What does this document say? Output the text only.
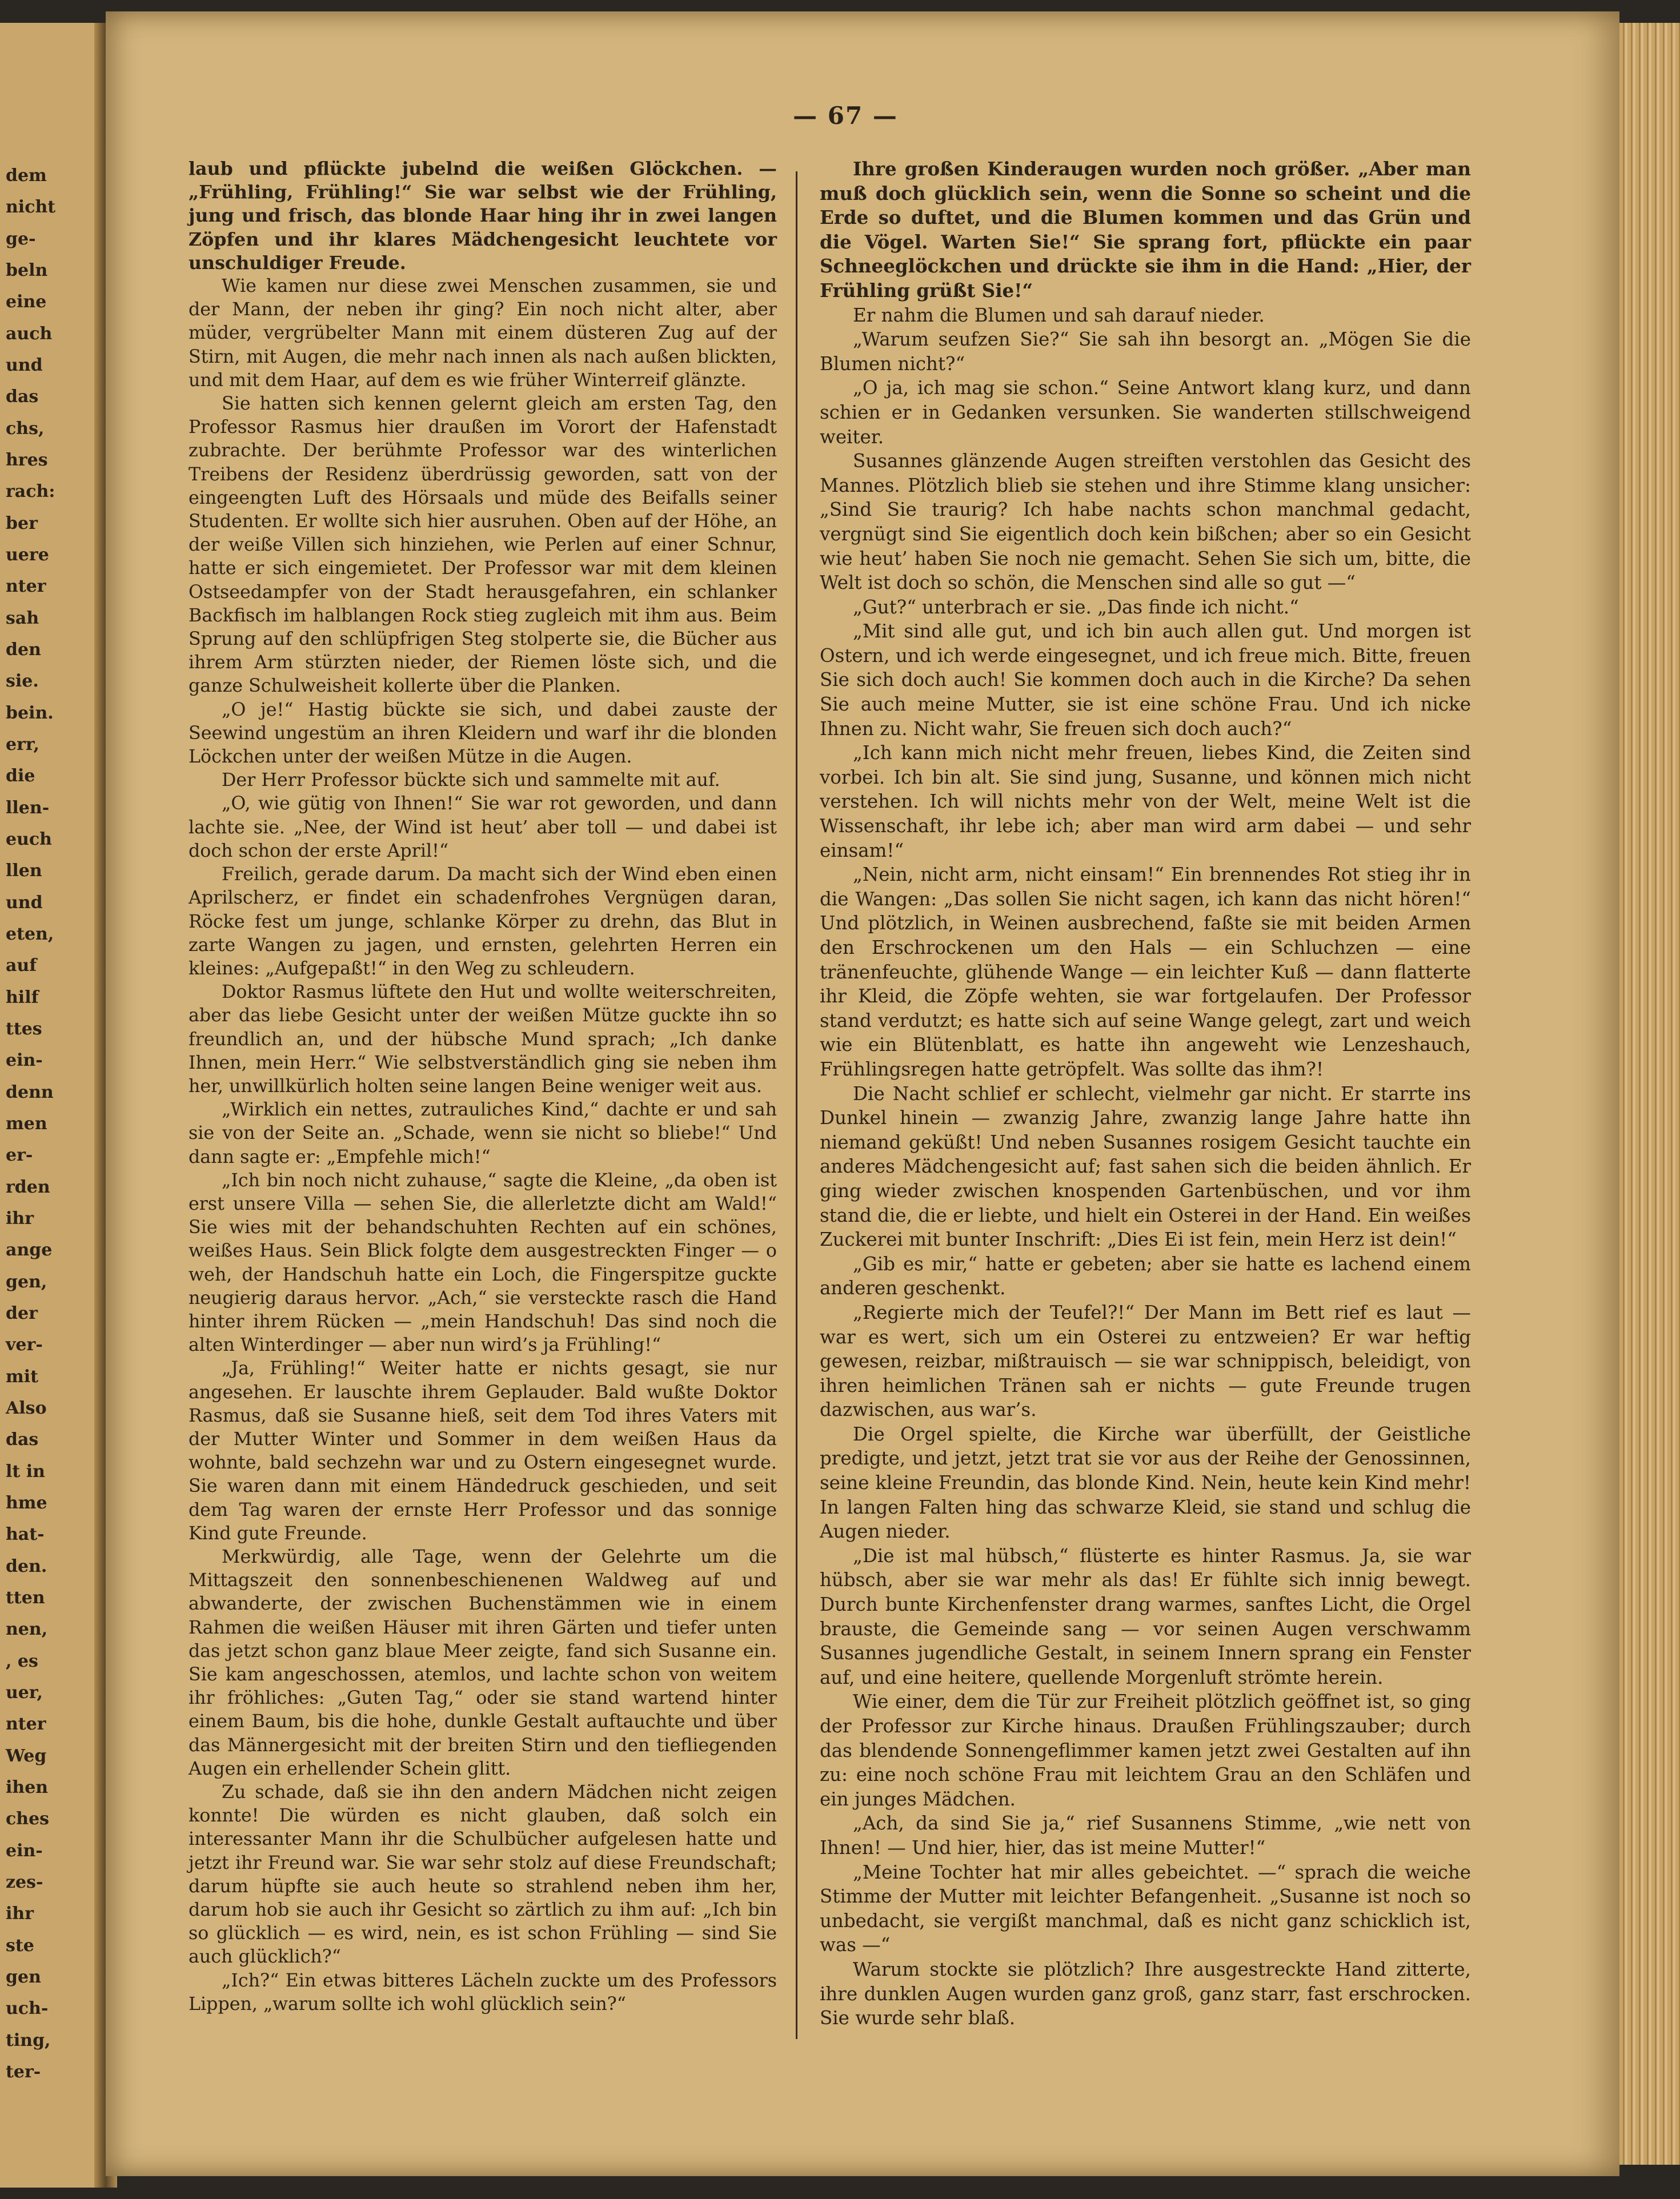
dem
nicht
ge-
beln
eine
auch
und
das
chs,
hres
rach:
ber
uere
nter
sah
den
sie.
bein.
err,
die
llen-
euch
llen
und
eten,
auf
hilf
ttes
ein-
denn
men
er-
rden
ihr
ange
gen,
der
ver-
mit
Also
das
lt in
hme
hat-
den.
tten
nen,
, es
uer,
nter
Weg
ihen
ches
ein-
zes-
ihr
ste
gen
uch-
ting,
ter-
— 67 —

laub und pflückte jubelnd die weißen Glöckchen. — „Frühling, Frühling!“ Sie war selbst wie der Frühling, jung und frisch, das blonde Haar hing ihr in zwei langen Zöpfen und ihr klares Mädchengesicht leuchtete vor unschuldiger Freude.

Wie kamen nur diese zwei Menschen zusammen, sie und der Mann, der neben ihr ging? Ein noch nicht alter, aber müder, vergrübelter Mann mit einem düsteren Zug auf der Stirn, mit Augen, die mehr nach innen als nach außen blickten, und mit dem Haar, auf dem es wie früher Winterreif glänzte.

Sie hatten sich kennen gelernt gleich am ersten Tag, den Professor Rasmus hier draußen im Vorort der Hafenstadt zubrachte. Der berühmte Professor war des winterlichen Treibens der Residenz überdrüssig geworden, satt von der eingeengten Luft des Hörsaals und müde des Beifalls seiner Studenten. Er wollte sich hier ausruhen. Oben auf der Höhe, an der weiße Villen sich hinziehen, wie Perlen auf einer Schnur, hatte er sich eingemietet. Der Professor war mit dem kleinen Ostseedampfer von der Stadt herausgefahren, ein schlanker Backfisch im halblangen Rock stieg zugleich mit ihm aus. Beim Sprung auf den schlüpfrigen Steg stolperte sie, die Bücher aus ihrem Arm stürzten nieder, der Riemen löste sich, und die ganze Schulweisheit kollerte über die Planken.

„O je!“ Hastig bückte sie sich, und dabei zauste der Seewind ungestüm an ihren Kleidern und warf ihr die blonden Löckchen unter der weißen Mütze in die Augen.

Der Herr Professor bückte sich und sammelte mit auf.

„O, wie gütig von Ihnen!“ Sie war rot geworden, und dann lachte sie. „Nee, der Wind ist heut’ aber toll — und dabei ist doch schon der erste April!“

Freilich, gerade darum. Da macht sich der Wind eben einen Aprilscherz, er findet ein schadenfrohes Vergnügen daran, Röcke fest um junge, schlanke Körper zu drehn, das Blut in zarte Wangen zu jagen, und ernsten, gelehrten Herren ein kleines: „Aufgepaßt!“ in den Weg zu schleudern.

Doktor Rasmus lüftete den Hut und wollte weiterschreiten, aber das liebe Gesicht unter der weißen Mütze guckte ihn so freundlich an, und der hübsche Mund sprach; „Ich danke Ihnen, mein Herr.“ Wie selbstverständlich ging sie neben ihm her, unwillkürlich holten seine langen Beine weniger weit aus.

„Wirklich ein nettes, zutrauliches Kind,“ dachte er und sah sie von der Seite an. „Schade, wenn sie nicht so bliebe!“ Und dann sagte er: „Empfehle mich!“

„Ich bin noch nicht zuhause,“ sagte die Kleine, „da oben ist erst unsere Villa — sehen Sie, die allerletzte dicht am Wald!“ Sie wies mit der behandschuhten Rechten auf ein schönes, weißes Haus. Sein Blick folgte dem ausgestreckten Finger — o weh, der Handschuh hatte ein Loch, die Fingerspitze guckte neugierig daraus hervor. „Ach,“ sie versteckte rasch die Hand hinter ihrem Rücken — „mein Handschuh! Das sind noch die alten Winterdinger — aber nun wird’s ja Frühling!“

„Ja, Frühling!“ Weiter hatte er nichts gesagt, sie nur angesehen. Er lauschte ihrem Geplauder. Bald wußte Doktor Rasmus, daß sie Susanne hieß, seit dem Tod ihres Vaters mit der Mutter Winter und Sommer in dem weißen Haus da wohnte, bald sechzehn war und zu Ostern eingesegnet wurde. Sie waren dann mit einem Händedruck geschieden, und seit dem Tag waren der ernste Herr Professor und das sonnige Kind gute Freunde.

Merkwürdig, alle Tage, wenn der Gelehrte um die Mittagszeit den sonnenbeschienenen Waldweg auf und abwanderte, der zwischen Buchenstämmen wie in einem Rahmen die weißen Häuser mit ihren Gärten und tiefer unten das jetzt schon ganz blaue Meer zeigte, fand sich Susanne ein. Sie kam angeschossen, atemlos, und lachte schon von weitem ihr fröhliches: „Guten Tag,“ oder sie stand wartend hinter einem Baum, bis die hohe, dunkle Gestalt auftauchte und über das Männergesicht mit der breiten Stirn und den tiefliegenden Augen ein erhellender Schein glitt.

Zu schade, daß sie ihn den andern Mädchen nicht zeigen konnte! Die würden es nicht glauben, daß solch ein interessanter Mann ihr die Schulbücher aufgelesen hatte und jetzt ihr Freund war. Sie war sehr stolz auf diese Freundschaft; darum hüpfte sie auch heute so strahlend neben ihm her, darum hob sie auch ihr Gesicht so zärtlich zu ihm auf: „Ich bin so glücklich — es wird, nein, es ist schon Frühling — sind Sie auch glücklich?“

„Ich?“ Ein etwas bitteres Lächeln zuckte um des Professors Lippen, „warum sollte ich wohl glücklich sein?“

Ihre großen Kinderaugen wurden noch größer. „Aber man muß doch glücklich sein, wenn die Sonne so scheint und die Erde so duftet, und die Blumen kommen und das Grün und die Vögel. Warten Sie!“ Sie sprang fort, pflückte ein paar Schneeglöckchen und drückte sie ihm in die Hand: „Hier, der Frühling grüßt Sie!“

Er nahm die Blumen und sah darauf nieder.

„Warum seufzen Sie?“ Sie sah ihn besorgt an. „Mögen Sie die Blumen nicht?“

„O ja, ich mag sie schon.“ Seine Antwort klang kurz, und dann schien er in Gedanken versunken. Sie wanderten stillschweigend weiter.

Susannes glänzende Augen streiften verstohlen das Gesicht des Mannes. Plötzlich blieb sie stehen und ihre Stimme klang unsicher: „Sind Sie traurig? Ich habe nachts schon manchmal gedacht, vergnügt sind Sie eigentlich doch kein bißchen; aber so ein Gesicht wie heut’ haben Sie noch nie gemacht. Sehen Sie sich um, bitte, die Welt ist doch so schön, die Menschen sind alle so gut —“

„Gut?“ unterbrach er sie. „Das finde ich nicht.“

„Mit sind alle gut, und ich bin auch allen gut. Und morgen ist Ostern, und ich werde eingesegnet, und ich freue mich. Bitte, freuen Sie sich doch auch! Sie kommen doch auch in die Kirche? Da sehen Sie auch meine Mutter, sie ist eine schöne Frau. Und ich nicke Ihnen zu. Nicht wahr, Sie freuen sich doch auch?“

„Ich kann mich nicht mehr freuen, liebes Kind, die Zeiten sind vorbei. Ich bin alt. Sie sind jung, Susanne, und können mich nicht verstehen. Ich will nichts mehr von der Welt, meine Welt ist die Wissenschaft, ihr lebe ich; aber man wird arm dabei — und sehr einsam!“

„Nein, nicht arm, nicht einsam!“ Ein brennendes Rot stieg ihr in die Wangen: „Das sollen Sie nicht sagen, ich kann das nicht hören!“ Und plötzlich, in Weinen ausbrechend, faßte sie mit beiden Armen den Erschrockenen um den Hals — ein Schluchzen — eine tränenfeuchte, glühende Wange — ein leichter Kuß — dann flatterte ihr Kleid, die Zöpfe wehten, sie war fortgelaufen. Der Professor stand verdutzt; es hatte sich auf seine Wange gelegt, zart und weich wie ein Blütenblatt, es hatte ihn angeweht wie Lenzeshauch, Frühlingsregen hatte getröpfelt. Was sollte das ihm?!

Die Nacht schlief er schlecht, vielmehr gar nicht. Er starrte ins Dunkel hinein — zwanzig Jahre, zwanzig lange Jahre hatte ihn niemand geküßt! Und neben Susannes rosigem Gesicht tauchte ein anderes Mädchengesicht auf; fast sahen sich die beiden ähnlich. Er ging wieder zwischen knospenden Gartenbüschen, und vor ihm stand die, die er liebte, und hielt ein Osterei in der Hand. Ein weißes Zuckerei mit bunter Inschrift: „Dies Ei ist fein, mein Herz ist dein!“

„Gib es mir,“ hatte er gebeten; aber sie hatte es lachend einem anderen geschenkt.

„Regierte mich der Teufel?!“ Der Mann im Bett rief es laut — war es wert, sich um ein Osterei zu entzweien? Er war heftig gewesen, reizbar, mißtrauisch — sie war schnippisch, beleidigt, von ihren heimlichen Tränen sah er nichts — gute Freunde trugen dazwischen, aus war’s.

Die Orgel spielte, die Kirche war überfüllt, der Geistliche predigte, und jetzt, jetzt trat sie vor aus der Reihe der Genossinnen, seine kleine Freundin, das blonde Kind. Nein, heute kein Kind mehr! In langen Falten hing das schwarze Kleid, sie stand und schlug die Augen nieder.

„Die ist mal hübsch,“ flüsterte es hinter Rasmus. Ja, sie war hübsch, aber sie war mehr als das! Er fühlte sich innig bewegt. Durch bunte Kirchenfenster drang warmes, sanftes Licht, die Orgel brauste, die Gemeinde sang — vor seinen Augen verschwamm Susannes jugendliche Gestalt, in seinem Innern sprang ein Fenster auf, und eine heitere, quellende Morgenluft strömte herein.

Wie einer, dem die Tür zur Freiheit plötzlich geöffnet ist, so ging der Professor zur Kirche hinaus. Draußen Frühlingszauber; durch das blendende Sonnengeflimmer kamen jetzt zwei Gestalten auf ihn zu: eine noch schöne Frau mit leichtem Grau an den Schläfen und ein junges Mädchen.

„Ach, da sind Sie ja,“ rief Susannens Stimme, „wie nett von Ihnen! — Und hier, hier, das ist meine Mutter!“

„Meine Tochter hat mir alles gebeichtet. —“ sprach die weiche Stimme der Mutter mit leichter Befangenheit. „Susanne ist noch so unbedacht, sie vergißt manchmal, daß es nicht ganz schicklich ist, was —“

Warum stockte sie plötzlich? Ihre ausgestreckte Hand zitterte, ihre dunklen Augen wurden ganz groß, ganz starr, fast erschrocken. Sie wurde sehr blaß.
